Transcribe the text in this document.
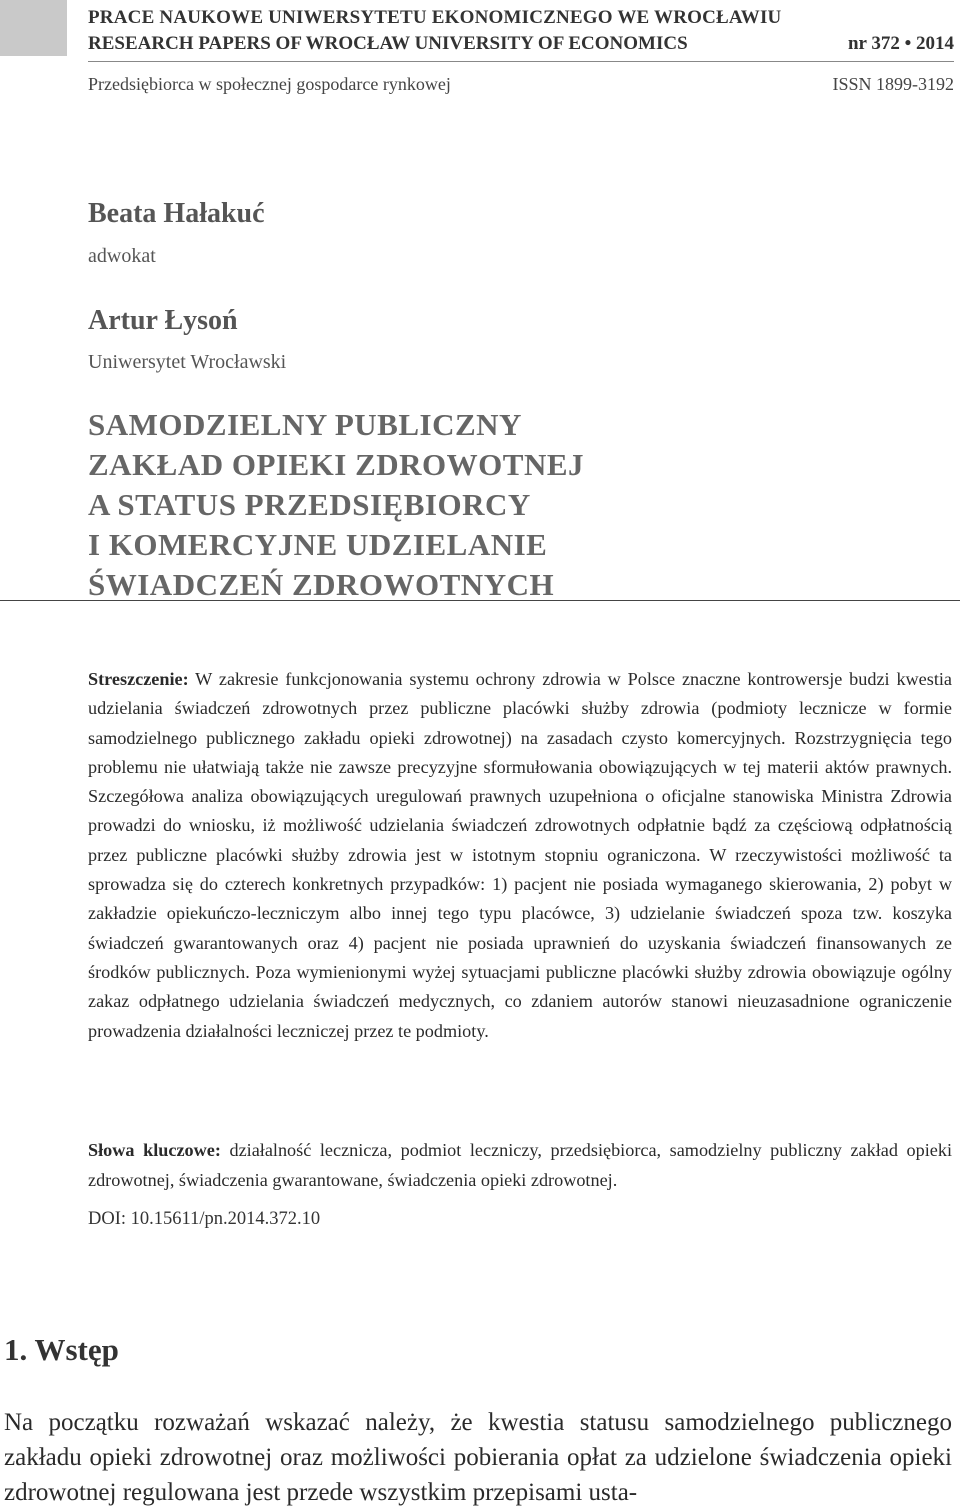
PRACE NAUKOWE UNIWERSYTETU EKONOMICZNEGO WE WROCŁAWIU
RESEARCH PAPERS OF WROCŁAW UNIVERSITY OF ECONOMICS	nr 372 • 2014
Przedsiębiorca w społecznej gospodarce rynkowej	ISSN 1899-3192
Beata Hałakuć
adwokat
Artur Łysoń
Uniwersytet Wrocławski
SAMODZIELNY PUBLICZNY
ZAKŁAD OPIEKI ZDROWOTNEJ
A STATUS PRZEDSIĘBIORCY
I KOMERCYJNE UDZIELANIE
ŚWIADCZEŃ ZDROWOTNYCH
Streszczenie: W zakresie funkcjonowania systemu ochrony zdrowia w Polsce znaczne kontrowersje budzi kwestia udzielania świadczeń zdrowotnych przez publiczne placówki służby zdrowia (podmioty lecznicze w formie samodzielnego publicznego zakładu opieki zdrowotnej) na zasadach czysto komercyjnych. Rozstrzygnięcia tego problemu nie ułatwiają także nie zawsze precyzyjne sformułowania obowiązujących w tej materii aktów prawnych. Szczegółowa analiza obowiązujących uregulowań prawnych uzupełniona o oficjalne stanowiska Ministra Zdrowia prowadzi do wniosku, iż możliwość udzielania świadczeń zdrowotnych odpłatnie bądź za częściową odpłatnością przez publiczne placówki służby zdrowia jest w istotnym stopniu ograniczona. W rzeczywistości możliwość ta sprowadza się do czterech konkretnych przypadków: 1) pacjent nie posiada wymaganego skierowania, 2) pobyt w zakładzie opiekuńczo-leczniczym albo innej tego typu placówce, 3) udzielanie świadczeń spoza tzw. koszyka świadczeń gwarantowanych oraz 4) pacjent nie posiada uprawnień do uzyskania świadczeń finansowanych ze środków publicznych. Poza wymienionymi wyżej sytuacjami publiczne placówki służby zdrowia obowiązuje ogólny zakaz odpłatnego udzielania świadczeń medycznych, co zdaniem autorów stanowi nieuzasadnione ograniczenie prowadzenia działalności leczniczej przez te podmioty.
Słowa kluczowe: działalność lecznicza, podmiot leczniczy, przedsiębiorca, samodzielny publiczny zakład opieki zdrowotnej, świadczenia gwarantowane, świadczenia opieki zdrowotnej.
DOI: 10.15611/pn.2014.372.10
1. Wstęp
Na początku rozważań wskazać należy, że kwestia statusu samodzielnego publicznego zakładu opieki zdrowotnej oraz możliwości pobierania opłat za udzielone świadczenia opieki zdrowotnej regulowana jest przede wszystkim przepisami usta-
